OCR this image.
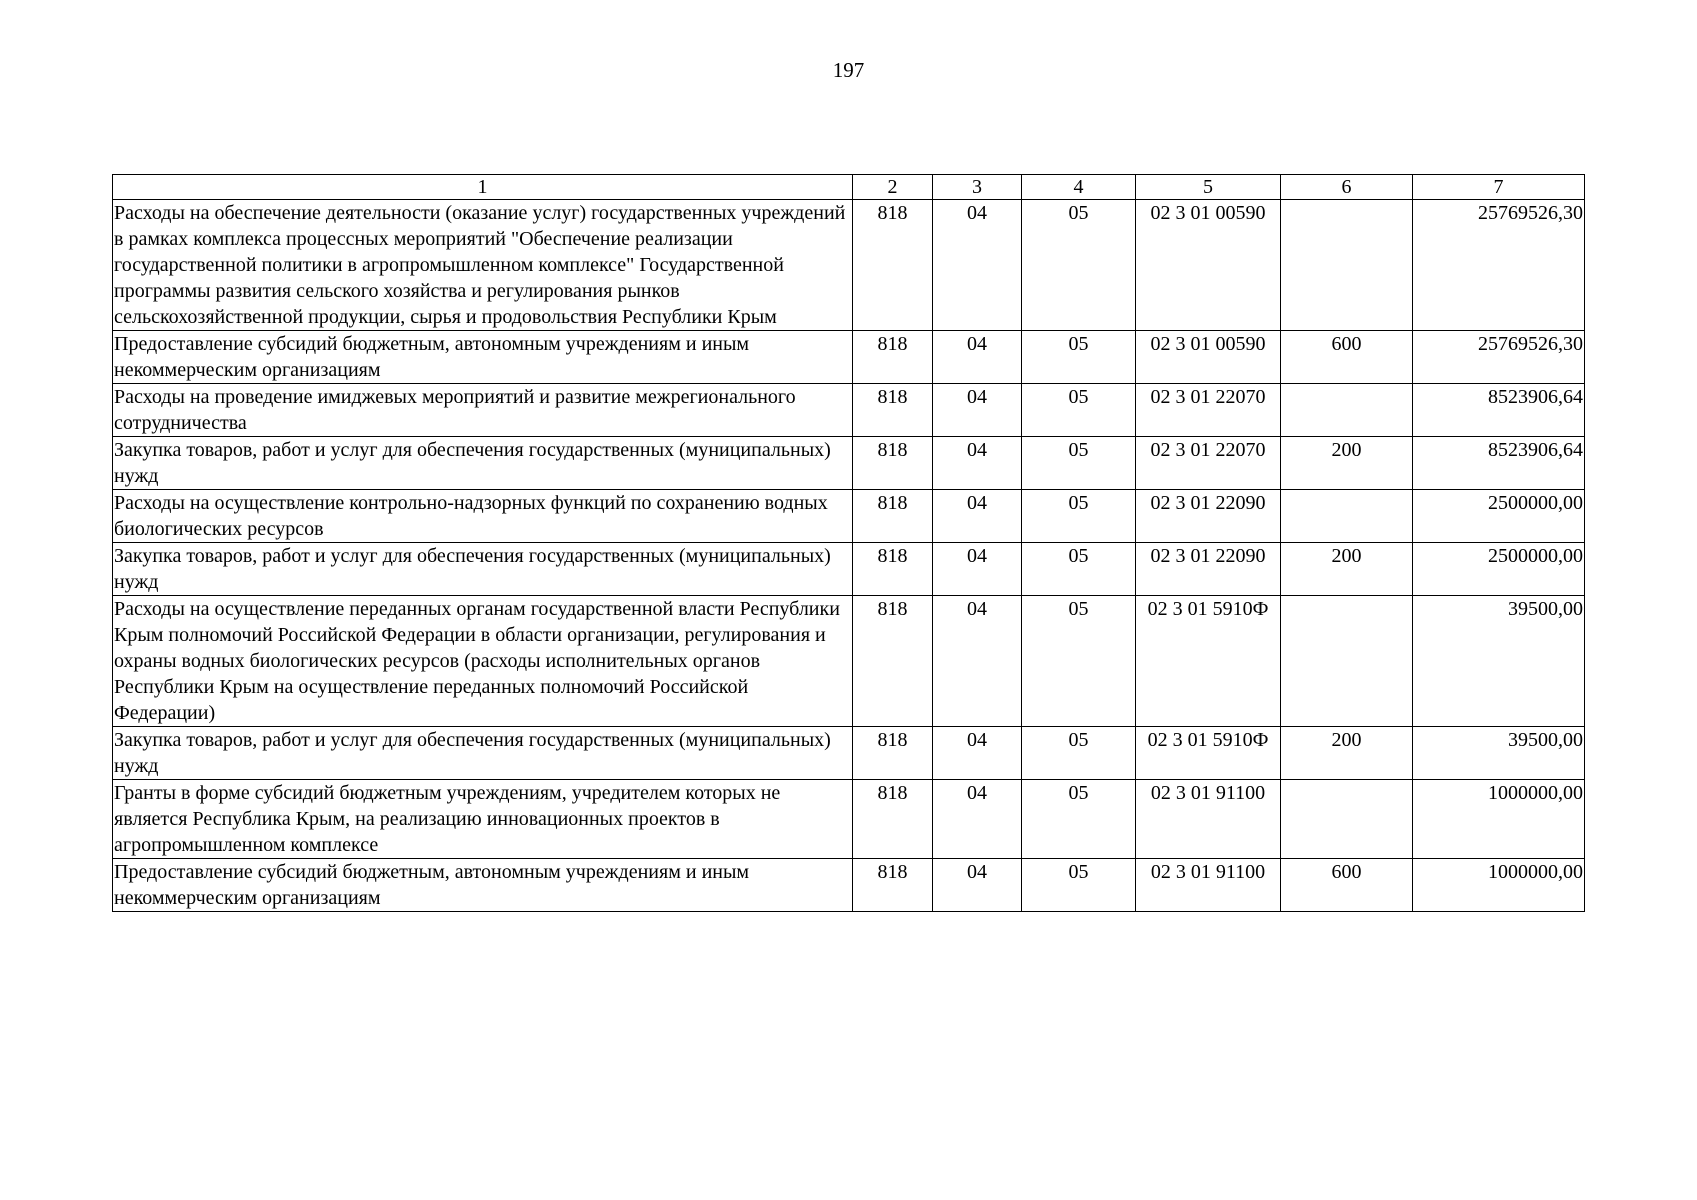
197
1	2	3	4	5	6	7
Расходы на обеспечение деятельности (оказание услуг) государственных учреждений в рамках комплекса процессных мероприятий "Обеспечение реализации государственной политики в агропромышленном комплексе" Государственной программы развития сельского хозяйства и регулирования рынков сельскохозяйственной продукции, сырья и продовольствия Республики Крым	818	04	05	02 3 01 00590		25769526,30
Предоставление субсидий бюджетным, автономным учреждениям и иным некоммерческим организациям	818	04	05	02 3 01 00590	600	25769526,30
Расходы на проведение имиджевых мероприятий и развитие межрегионального сотрудничества	818	04	05	02 3 01 22070		8523906,64
Закупка товаров, работ и услуг для обеспечения государственных (муниципальных) нужд	818	04	05	02 3 01 22070	200	8523906,64
Расходы на осуществление контрольно-надзорных функций по сохранению водных биологических ресурсов	818	04	05	02 3 01 22090		2500000,00
Закупка товаров, работ и услуг для обеспечения государственных (муниципальных) нужд	818	04	05	02 3 01 22090	200	2500000,00
Расходы на осуществление переданных органам государственной власти Республики Крым полномочий Российской Федерации в области организации, регулирования и охраны водных биологических ресурсов (расходы исполнительных органов Республики Крым на осуществление переданных полномочий Российской Федерации)	818	04	05	02 3 01 5910Ф		39500,00
Закупка товаров, работ и услуг для обеспечения государственных (муниципальных) нужд	818	04	05	02 3 01 5910Ф	200	39500,00
Гранты в форме субсидий бюджетным учреждениям, учредителем которых не является Республика Крым, на реализацию инновационных проектов в агропромышленном комплексе	818	04	05	02 3 01 91100		1000000,00
Предоставление субсидий бюджетным, автономным учреждениям и иным некоммерческим организациям	818	04	05	02 3 01 91100	600	1000000,00
